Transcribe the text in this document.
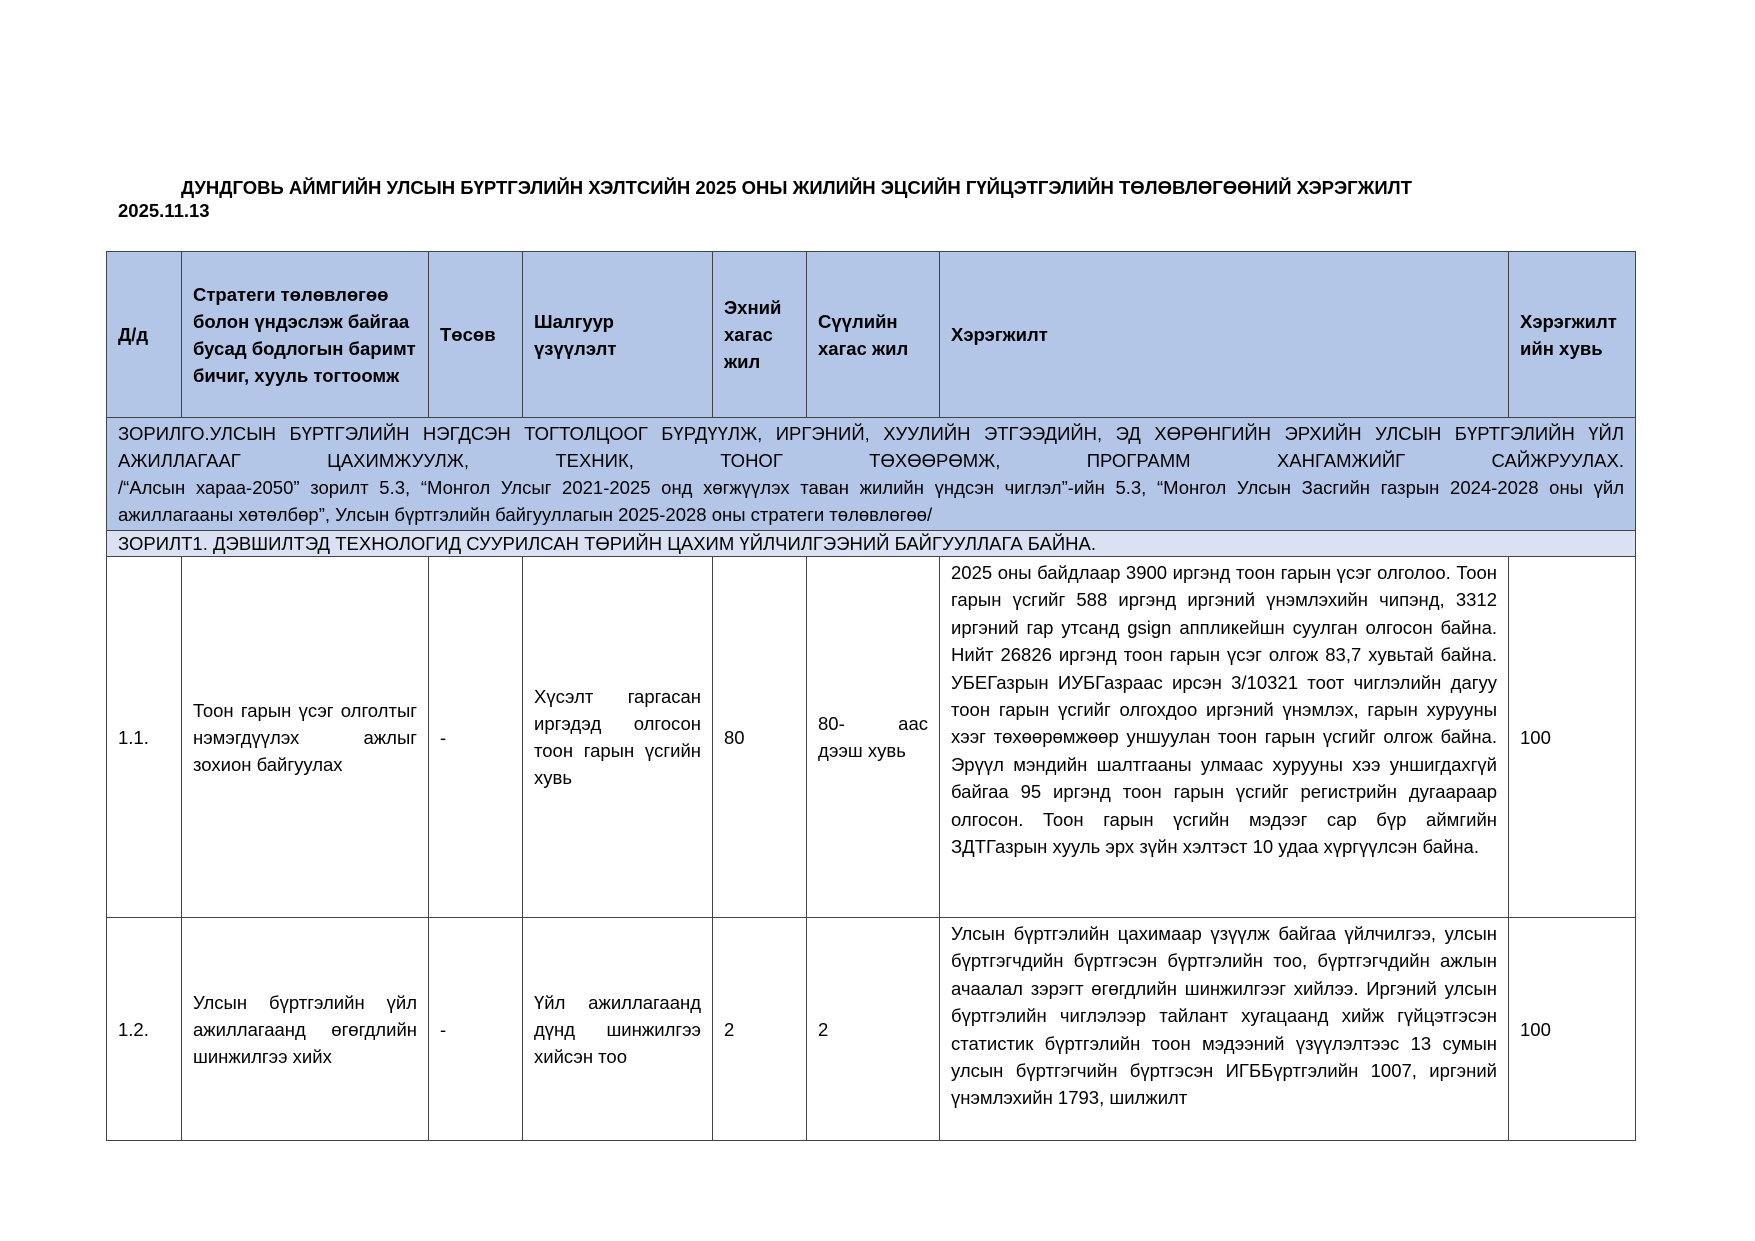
ДУНДГОВЬ АЙМГИЙН УЛСЫН БҮРТГЭЛИЙН ХЭЛТСИЙН 2025 ОНЫ ЖИЛИЙН ЭЦСИЙН ГҮЙЦЭТГЭЛИЙН ТӨЛӨВЛӨГӨӨНИЙ ХЭРЭГЖИЛТ
2025.11.13
Д/д	Стратеги төлөвлөгөө болон үндэслэж байгаа бусад бодлогын баримт бичиг, хууль тогтоомж	Төсөв	Шалгуур үзүүлэлт	Эхний хагас жил	Сүүлийн хагас жил	Хэрэгжилт	Хэрэгжилтийн хувь

ЗОРИЛГО.УЛСЫН БҮРТГЭЛИЙН НЭГДСЭН ТОГТОЛЦООГ БҮРДҮҮЛЖ, ИРГЭНИЙ, ХУУЛИЙН ЭТГЭЭДИЙН, ЭД ХӨРӨНГИЙН ЭРХИЙН УЛСЫН БҮРТГЭЛИЙН ҮЙЛ АЖИЛЛАГААГ ЦАХИМЖУУЛЖ, ТЕХНИК, ТОНОГ ТӨХӨӨРӨМЖ, ПРОГРАММ ХАНГАМЖИЙГ САЙЖРУУЛАХ.
/“Алсын хараа-2050” зорилт 5.3, “Монгол Улсыг 2021-2025 онд хөгжүүлэх таван жилийн үндсэн чиглэл”-ийн 5.3, “Монгол Улсын Засгийн газрын 2024-2028 оны үйл ажиллагааны хөтөлбөр”, Улсын бүртгэлийн байгууллагын 2025-2028 оны стратеги төлөвлөгөө/							

ЗОРИЛТ1. ДЭВШИЛТЭД ТЕХНОЛОГИД СУУРИЛСАН ТӨРИЙН ЦАХИМ ҮЙЛЧИЛГЭЭНИЙ БАЙГУУЛЛАГА БАЙНА.							
1.1.	Тоон гарын үсэг олголтыг нэмэгдүүлэх ажлыг зохион байгуулах	-	Хүсэлт гаргасан иргэдэд олгосон тоон гарын үсгийн хувь	80	80- аас дээш хувь	2025 оны байдлаар 3900 иргэнд тоон гарын үсэг олголоо. Тоон гарын үсгийг 588 иргэнд иргэний үнэмлэхийн чипэнд, 3312 иргэний гар утсанд gsign аппликейшн суулган олгосон байна. Нийт 26826 иргэнд тоон гарын үсэг олгож 83,7 хувьтай байна. УБЕГазрын ИУБГазраас ирсэн 3/10321 тоот чиглэлийн дагуу тоон гарын үсгийг олгохдоо иргэний үнэмлэх, гарын хурууны хээг төхөөрөмжөөр уншуулан тоон гарын үсгийг олгож байна. Эрүүл мэндийн шалтгааны улмаас хурууны хээ уншигдахгүй байгаа 95 иргэнд тоон гарын үсгийг регистрийн дугаараар олгосон. Тоон гарын үсгийн мэдээг сар бүр аймгийн ЗДТГазрын хууль эрх зүйн хэлтэст 10 удаа хүргүүлсэн байна.	100
1.2.	Улсын бүртгэлийн үйл ажиллагаанд өгөгдлийн шинжилгээ хийх	-	Үйл ажиллагаанд дүнд шинжилгээ хийсэн тоо	2	2	Улсын бүртгэлийн цахимаар үзүүлж байгаа үйлчилгээ, улсын бүртгэгчдийн бүртгэсэн бүртгэлийн тоо, бүртгэгчдийн ажлын ачаалал зэрэгт өгөгдлийн шинжилгээг хийлээ. Иргэний улсын бүртгэлийн чиглэлээр тайлант хугацаанд хийж гүйцэтгэсэн статистик бүртгэлийн тоон мэдээний үзүүлэлтээс 13 сумын улсын бүртгэгчийн бүртгэсэн ИГББүртгэлийн 1007, иргэний үнэмлэхийн 1793, шилжилт	100
